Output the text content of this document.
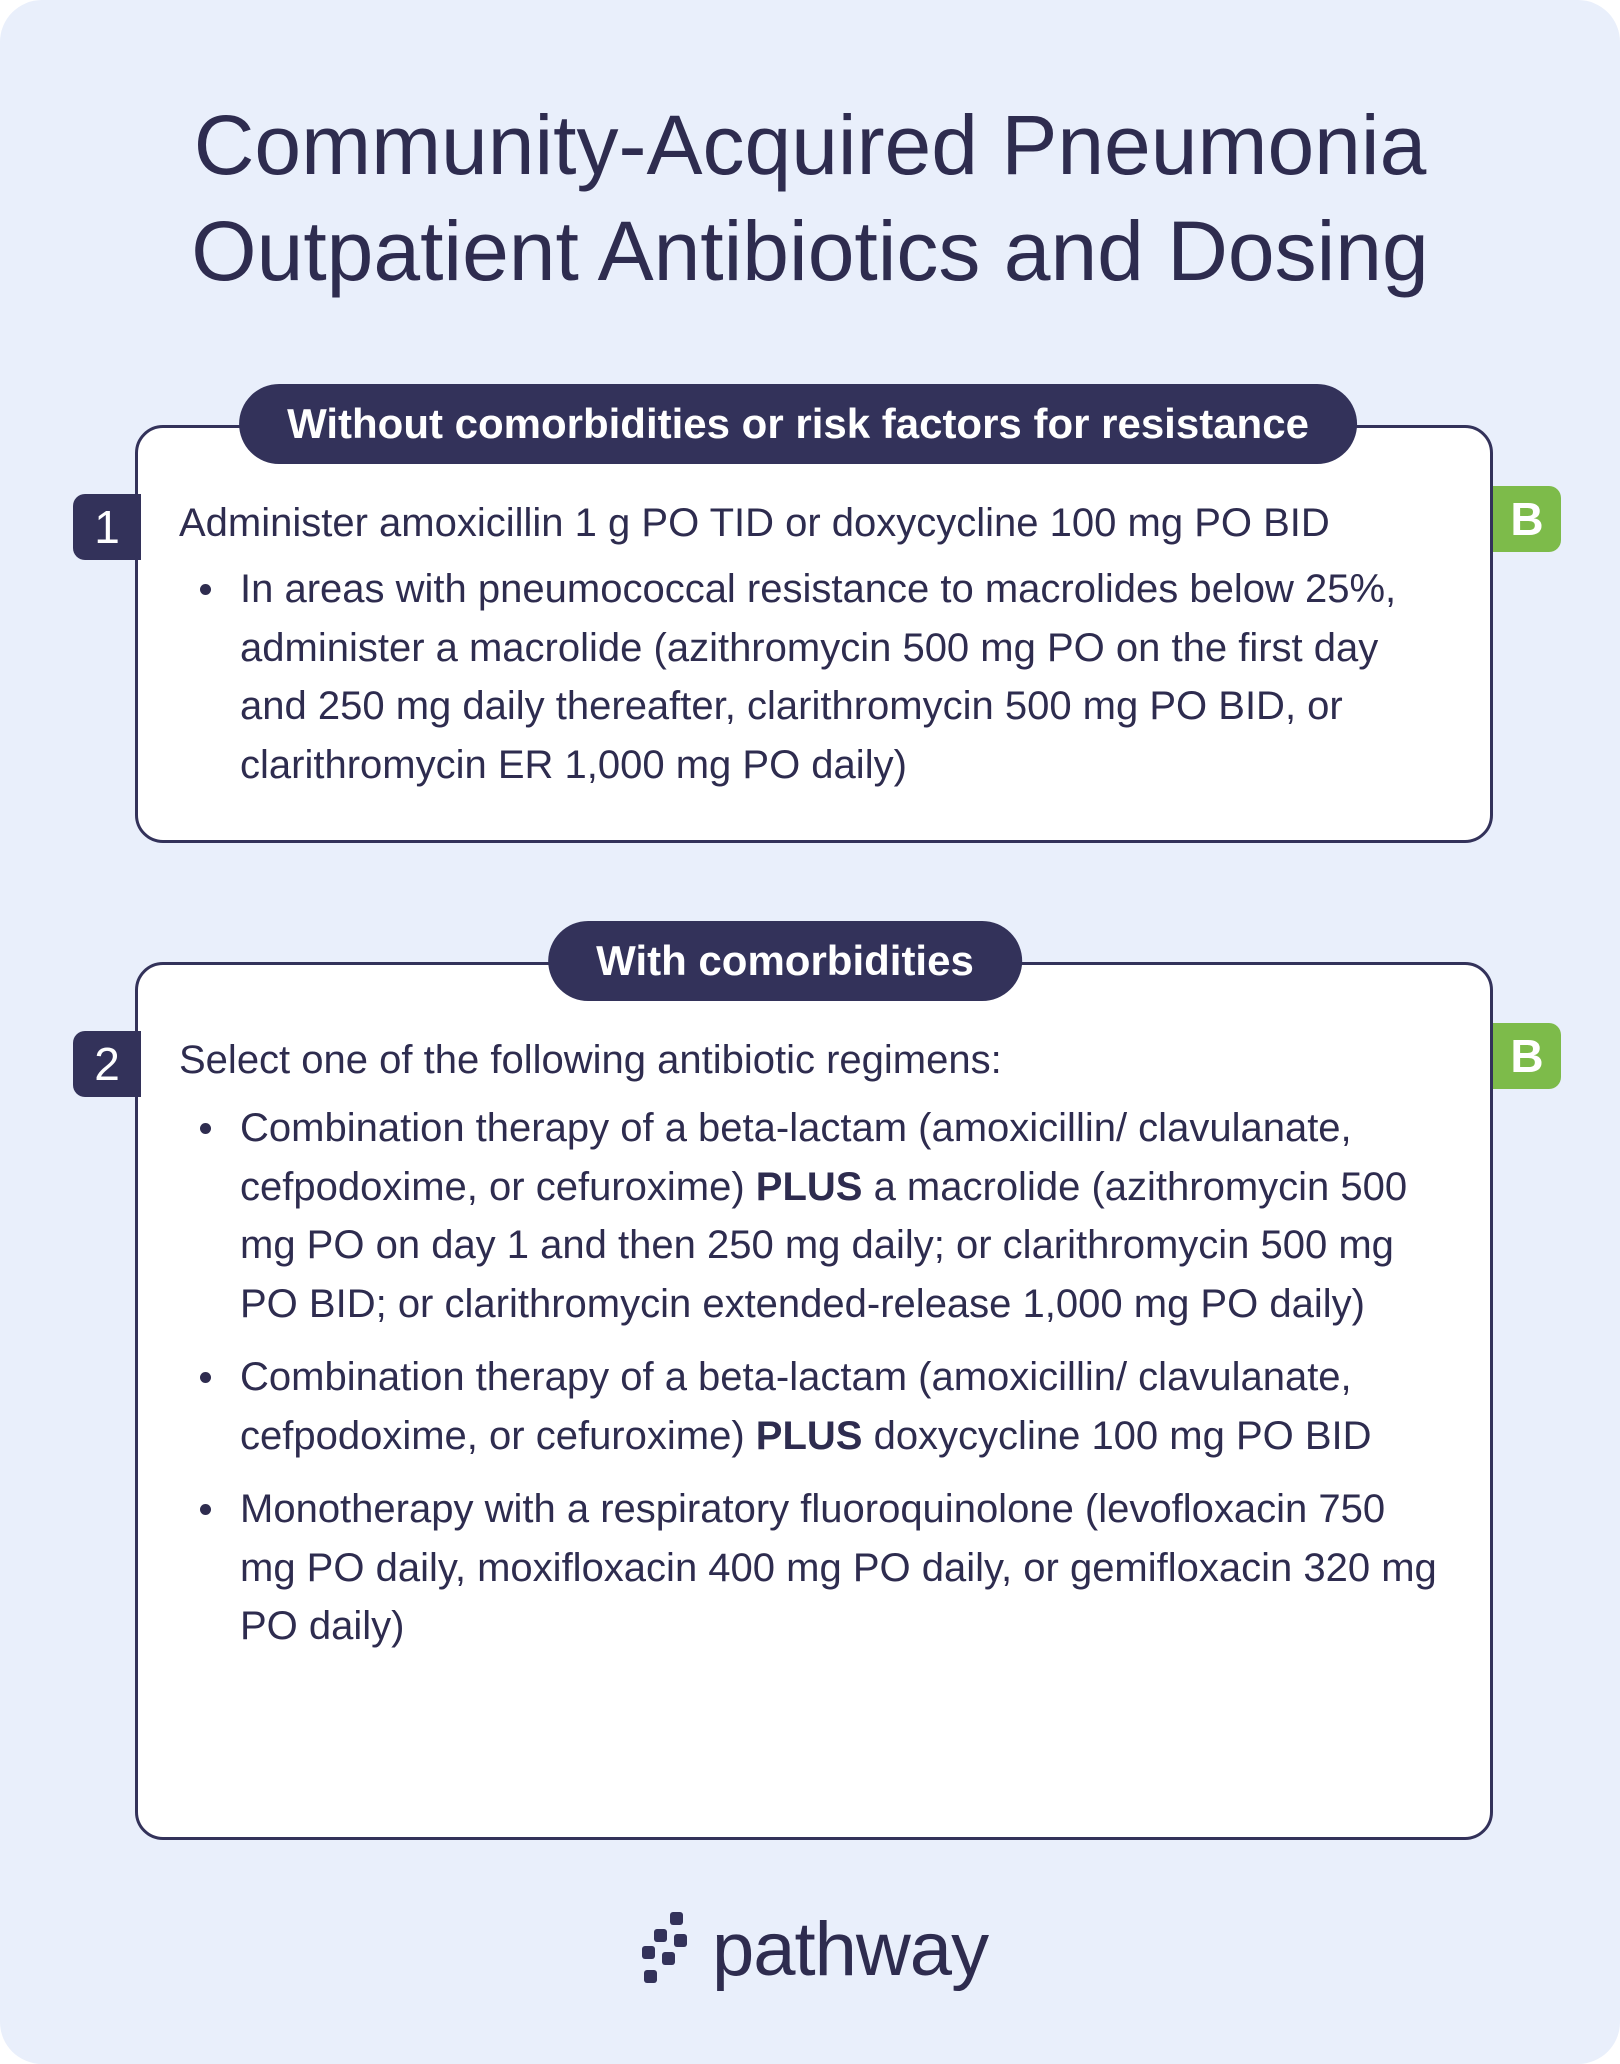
Community-Acquired Pneumonia
Outpatient Antibiotics and Dosing
Without comorbidities or risk factors for resistance
1	B
Administer amoxicillin 1 g PO TID or doxycycline 100 mg PO BID
In areas with pneumococcal resistance to macrolides below 25%, administer a macrolide (azithromycin 500 mg PO on the first day and 250 mg daily thereafter, clarithromycin 500 mg PO BID, or clarithromycin ER 1,000 mg PO daily)
With comorbidities
2	B
Select one of the following antibiotic regimens:
Combination therapy of a beta-lactam (amoxicillin/ clavulanate, cefpodoxime, or cefuroxime) PLUS a macrolide (azithromycin 500 mg PO on day 1 and then 250 mg daily; or clarithromycin 500 mg PO BID; or clarithromycin extended-release 1,000 mg PO daily)
Combination therapy of a beta-lactam (amoxicillin/ clavulanate, cefpodoxime, or cefuroxime) PLUS doxycycline 100 mg PO BID
Monotherapy with a respiratory fluoroquinolone (levofloxacin 750 mg PO daily, moxifloxacin 400 mg PO daily, or gemifloxacin 320 mg PO daily)
pathway
